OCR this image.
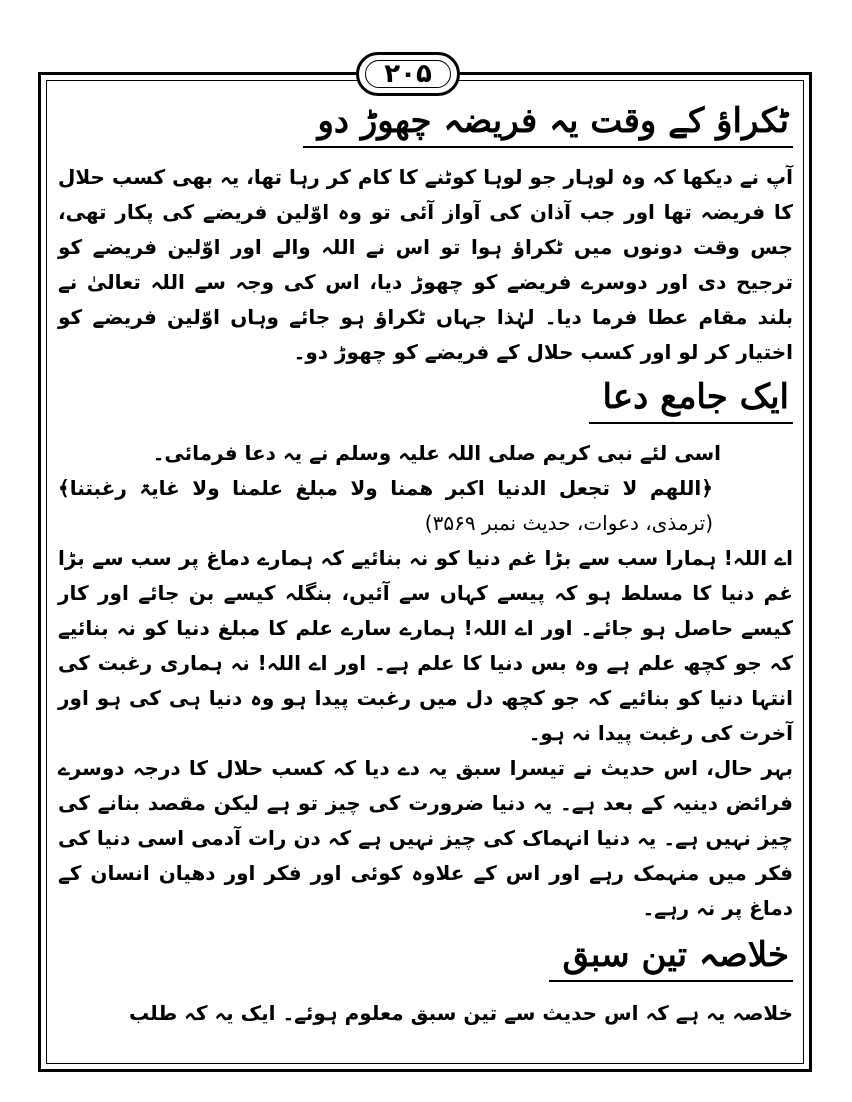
۲۰۵
ٹکراؤ کے وقت یہ فریضہ چھوڑ دو

آپ نے دیکھا کہ وہ لوہار جو لوہا کوٹنے کا کام کر رہا تھا، یہ بھی کسب حلال کا فریضہ تھا اور جب آذان کی آواز آئی تو وہ اوّلین فریضے کی پکار تھی، جس وقت دونوں میں ٹکراؤ ہوا تو اس نے اللہ والے اور اوّلین فریضے کو ترجیح دی اور دوسرے فریضے کو چھوڑ دیا، اس کی وجہ سے اللہ تعالیٰ نے بلند مقام عطا فرما دیا۔ لہٰذا جہاں ٹکراؤ ہو جائے وہاں اوّلین فریضے کو اختیار کر لو اور کسب حلال کے فریضے کو چھوڑ دو۔

ایک جامع دعا

اسی لئے نبی کریم صلی اللہ علیہ وسلم نے یہ دعا فرمائی۔

﴿اللھم لا تجعل الدنیا اکبر ھمنا ولا مبلغ علمنا ولا غایۃ رغبتنا﴾ (ترمذی، دعوات، حدیث نمبر ۳۵۶۹)

اے اللہ! ہمارا سب سے بڑا غم دنیا کو نہ بنائیے کہ ہمارے دماغ پر سب سے بڑا غم دنیا کا مسلط ہو کہ پیسے کہاں سے آئیں، بنگلہ کیسے بن جائے اور کار کیسے حاصل ہو جائے۔ اور اے اللہ! ہمارے سارے علم کا مبلغ دنیا کو نہ بنائیے کہ جو کچھ علم ہے وہ بس دنیا کا علم ہے۔ اور اے اللہ! نہ ہماری رغبت کی انتہا دنیا کو بنائیے کہ جو کچھ دل میں رغبت پیدا ہو وہ دنیا ہی کی ہو اور آخرت کی رغبت پیدا نہ ہو۔

بہر حال، اس حدیث نے تیسرا سبق یہ دے دیا کہ کسب حلال کا درجہ دوسرے فرائض دینیہ کے بعد ہے۔ یہ دنیا ضرورت کی چیز تو ہے لیکن مقصد بنانے کی چیز نہیں ہے۔ یہ دنیا انہماک کی چیز نہیں ہے کہ دن رات آدمی اسی دنیا کی فکر میں منہمک رہے اور اس کے علاوہ کوئی اور فکر اور دھیان انسان کے دماغ پر نہ رہے۔

خلاصہ تین سبق

خلاصہ یہ ہے کہ اس حدیث سے تین سبق معلوم ہوئے۔ ایک یہ کہ طلب
